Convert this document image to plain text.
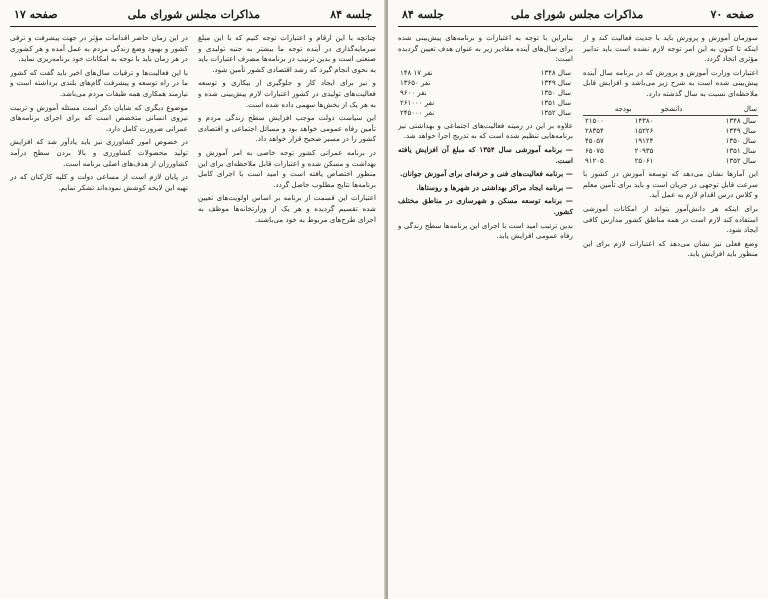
جلسه ۸۴
مذاکرات مجلس شورای ملی
صفحه ۱۷

چنانچه با این ارقام و اعتبارات توجه کنیم که با این مبلغ سرمایه‌گذاری در آینده توجه ما بیشتر به جنبه تولیدی و صنعتی است و بدین ترتیب در برنامه‌ها مصرف اعتبارات باید به نحوی انجام گیرد که رشد اقتصادی کشور تأمین شود.

و نیز برای ایجاد کار و جلوگیری از بیکاری و توسعه فعالیت‌های تولیدی در کشور اعتبارات لازم پیش‌بینی شده و به هر یک از بخش‌ها سهمی داده شده است.

این سیاست دولت موجب افزایش سطح زندگی مردم و تأمین رفاه عمومی خواهد بود و مسائل اجتماعی و اقتصادی کشور را در مسیر صحیح قرار خواهد داد.

در برنامه عمرانی کشور توجه خاصی به امر آموزش و بهداشت و مسکن شده و اعتبارات قابل ملاحظه‌ای برای این منظور اختصاص یافته است و امید است با اجرای کامل برنامه‌ها نتایج مطلوب حاصل گردد.

اعتبارات این قسمت از برنامه بر اساس اولویت‌های تعیین شده تقسیم گردیده و هر یک از وزارتخانه‌ها موظف به اجرای طرح‌های مربوط به خود می‌باشند.

در این زمان حاضر اقدامات مؤثر در جهت پیشرفت و ترقی کشور و بهبود وضع زندگی مردم به عمل آمده و هر کشوری در هر زمان باید با توجه به امکانات خود برنامه‌ریزی نماید.

با این فعالیت‌ها و ترقیات سال‌های اخیر باید گفت که کشور ما در راه توسعه و پیشرفت گام‌های بلندی برداشته است و نیازمند همکاری همه طبقات مردم می‌باشد.

موضوع دیگری که شایان ذکر است مسئله آموزش و تربیت نیروی انسانی متخصص است که برای اجرای برنامه‌های عمرانی ضرورت کامل دارد.

در خصوص امور کشاورزی نیز باید یادآور شد که افزایش تولید محصولات کشاورزی و بالا بردن سطح درآمد کشاورزان از هدف‌های اصلی برنامه است.

در پایان لازم است از مساعی دولت و کلیه کارکنان که در تهیه این لایحه کوشش نموده‌اند تشکر نمایم.

صفحه ۷۰
مذاکرات مجلس شورای ملی
جلسه ۸۴

سوزمان آموزش و پرورش باید با جدیت فعالیت کند و از اینکه تا کنون به این امر توجه لازم نشده است باید تدابیر مؤثری اتخاذ گردد.

اعتبارات وزارت آموزش و پرورش که در برنامه سال آینده پیش‌بینی شده است به شرح زیر می‌باشد و افزایش قابل ملاحظه‌ای نسبت به سال گذشته دارد.

سال	دانشجو	بودجه
سال ۱۳۴۸	۱۴۳۸۰	۲۱۵۰۰
سال ۱۳۴۹	۱۵۲۲۶	۲۸۳۵۴
سال ۱۳۵۰	۱۹۱۲۴	۴۵۰۵۷
سال ۱۳۵۱	۲۰۹۳۵	۶۵۰۷۵
سال ۱۳۵۲	۲۵۰۶۱	۹۱۲۰۵

این آمارها نشان می‌دهد که توسعه آموزش در کشور با سرعت قابل توجهی در جریان است و باید برای تأمین معلم و کلاس درس اقدام لازم به عمل آید.

برای اینکه هر دانش‌آموز بتواند از امکانات آموزشی استفاده کند لازم است در همه مناطق کشور مدارس کافی ایجاد شود.

وضع فعلی نیز نشان می‌دهد که اعتبارات لازم برای این منظور باید افزایش یابد.

بنابراین با توجه به اعتبارات و برنامه‌های پیش‌بینی شده برای سال‌های آینده مقادیر زیر به عنوان هدف تعیین گردیده است:

سال ۱۳۴۸	۱۴۸ ۱۷ نفر
سال ۱۳۴۹	۱۳۶۵۰ نفر
سال ۱۳۵۰	۹۶۰۰ نفر
سال ۱۳۵۱	۲۶۱۰۰۰ نفر
سال ۱۳۵۲	۲۴۵۰۰۰ نفر

علاوه بر این در زمینه فعالیت‌های اجتماعی و بهداشتی نیز برنامه‌هایی تنظیم شده است که به تدریج اجرا خواهد شد.

— برنامه آموزشی سال ۱۳۵۴ که مبلغ آن افزایش یافته است.

— برنامه فعالیت‌های فنی و حرفه‌ای برای آموزش جوانان.

— برنامه ایجاد مراکز بهداشتی در شهرها و روستاها.

— برنامه توسعه مسکن و شهرسازی در مناطق مختلف کشور.

بدین ترتیب امید است با اجرای این برنامه‌ها سطح زندگی و رفاه عمومی افزایش یابد.
